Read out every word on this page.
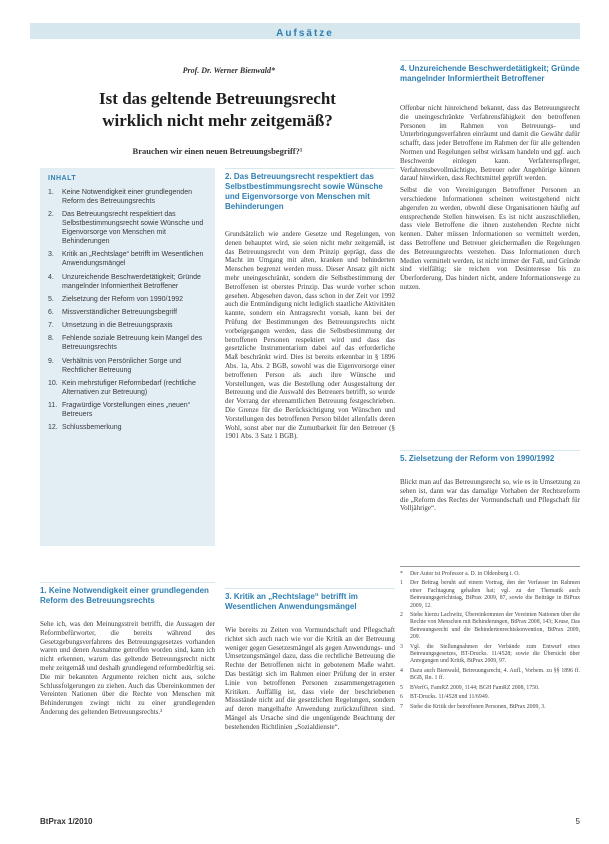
Aufsätze
Prof. Dr. Werner Bienwald*
Ist das geltende Betreuungsrecht
wirklich nicht mehr zeitgemäß?
Brauchen wir einen neuen Betreuungsbegriff?¹
INHALT
1.	Keine Notwendigkeit einer grundlegenden Reform des Betreuungsrechts
2.	Das Betreuungsrecht respektiert das Selbstbestimmungsrecht sowie Wünsche und Eigenvorsorge von Menschen mit Behinderungen
3.	Kritik an „Rechtslage“ betrifft im Wesentlichen Anwendungsmängel
4.	Unzureichende Beschwerdetätigkeit; Gründe mangelnder Informiertheit Betroffener
5.	Zielsetzung der Reform von 1990/1992
6.	Missverständlicher Betreuungsbegriff
7.	Umsetzung in die Betreuungspraxis
8.	Fehlende soziale Betreuung kein Mangel des Betreuungsrechts
9.	Verhältnis von Persönlicher Sorge und Rechtlicher Betreuung
10. Kein mehrstufiger Reformbedarf (rechtliche Alternativen zur Betreuung)
11. Fragwürdige Vorstellungen eines „neuen“ Betreuers
12. Schlussbemerkung
2. Das Betreuungsrecht respektiert das Selbstbestimmungsrecht sowie Wünsche und Eigenvorsorge von Menschen mit Behinderungen

Grundsätzlich wie andere Gesetze und Regelungen, von denen behauptet wird, sie seien nicht mehr zeitgemäß, ist das Betreuungsrecht von dem Prinzip geprägt, dass die Macht im Umgang mit alten, kranken und behinderten Menschen begrenzt werden muss. Dieser Ansatz gilt nicht mehr uneingeschränkt, sondern die Selbstbestimmung der Betroffenen ist oberstes Prinzip. Das wurde vorher schon gesehen. Abgesehen davon, dass schon in der Zeit vor 1992 auch die Entmündigung nicht lediglich staatliche Aktivitäten kannte, sondern ein Antragsrecht vorsah, kann bei der Prüfung der Bestimmungen des Betreuungsrechts nicht vorbeigegangen werden, dass die Selbstbestimmung der betroffenen Personen respektiert wird und dass das gesetzliche Instrumentarium dabei auf das erforderliche Maß beschränkt wird. Dies ist bereits erkennbar in § 1896 Abs. 1a, Abs. 2 BGB, sowohl was die Eigenvorsorge einer betroffenen Person als auch ihre Wünsche und Vorstellungen, was die Bestellung oder Ausgestaltung der Betreuung und die Auswahl des Betreuers betrifft, so wurde der Vorrang der ehrenamtlichen Betreuung festgeschrieben. Die Grenze für die Berücksichtigung von Wünschen und Vorstellungen des betroffenen Person bildet allenfalls deren Wohl, sonst aber nur die Zumutbarkeit für den Betreuer (§ 1901 Abs. 3 Satz 1 BGB).

1. Keine Notwendigkeit einer grundlegenden Reform des Betreuungsrechts

Sehe ich, was den Meinungsstreit betrifft, die Aussagen der Reformbefürworter, die bereits während des Gesetzgebungsverfahrens des Betreuungsgesetzes vorhanden waren und denen Ausnahme getroffen worden sind, kann ich nicht erkennen, warum das geltende Betreuungsrecht nicht mehr zeitgemäß und deshalb grundlegend reformbedürftig sei. Die mir bekannten Argumente reichen nicht aus, solche Schlussfolgerungen zu ziehen. Auch das Übereinkommen der Vereinten Nationen über die Rechte von Menschen mit Behinderungen zwingt nicht zu einer grundlegenden Änderung des geltenden Betreuungsrechts.²

3. Kritik an „Rechtslage“ betrifft im Wesentlichen Anwendungsmängel

Wie bereits zu Zeiten von Vormundschaft und Pflegschaft richtet sich auch nach wie vor die Kritik an der Betreuung weniger gegen Gesetzesmängel als gegen Anwendungs- und Umsetzungsmängel dazu, dass die rechtliche Betreuung die Rechte der Betroffenen nicht in gebotenem Maße wahrt. Das bestätigt sich im Rahmen einer Prüfung der in erster Linie von betroffenen Personen zusammengetragenen Kritiken. Auffällig ist, dass viele der beschriebenen Missstände nicht auf die gesetzlichen Regelungen, sondern auf deren mangelhafte Anwendung zurückzuführen sind. Mängel als Ursache sind die ungenügende Beachtung der bestehenden Richtlinien „Sozialdienste“.

4. Unzureichende Beschwerdetätigkeit; Gründe mangelnder Informiertheit Betroffener

Offenbar nicht hinreichend bekannt, dass das Betreuungsrecht die uneingeschränkte Verfahrensfähigkeit den betroffenen Personen im Rahmen von Betreuungs- und Unterbringungsverfahren einräumt und damit die Gewähr dafür schafft, dass jeder Betroffene im Rahmen der für alle geltenden Normen und Regelungen selbst wirksam handeln und ggf. auch Beschwerde einlegen kann. Verfahrenspfleger, Verfahrensbevollmächtigte, Betreuer oder Angehörige können darauf hinwirken, dass Rechtsmittel geprüft werden.

Selbst die von Vereinigungen Betroffener Personen an verschiedene Informationen scheinen weitestgehend nicht abgerufen zu werden, obwohl diese Organisationen häufig auf entsprechende Stellen hinweisen. Es ist nicht auszuschließen, dass viele Betroffene die ihnen zustehenden Rechte nicht kennen. Daher müssen Informationen so vermittelt werden, dass Betroffene und Betreuer gleichermaßen die Regelungen des Betreuungsrechts verstehen. Dass Informationen durch Medien vermittelt werden, ist nicht immer der Fall, und Gründe sind vielfältig; sie reichen von Desinteresse bis zu Überforderung. Das hindert nicht, andere Informationswege zu nutzen.

5. Zielsetzung der Reform von 1990/1992

Blickt man auf das Betreuungsrecht so, wie es in Umsetzung zu sehen ist, dann war das damalige Vorhaben der Rechtsreform die „Reform des Rechts der Vormundschaft und Pflegschaft für Volljährige“.

*	Der Autor ist Professor a. D. in Oldenburg i. O.
1	Der Beitrag beruht auf einem Vortrag, den der Verfasser im Rahmen einer Fachtagung gehalten hat; vgl. zu der Thematik auch Betreuungsgerichtstag, BtPrax 2009, 87, sowie die Beiträge in BtPrax 2009, 12.
2	Siehe hierzu Lachwitz, Übereinkommen der Vereinten Nationen über die Rechte von Menschen mit Behinderungen, BtPrax 2008, 143; Kruse, Das Betreuungsrecht und die Behindertenrechtskonvention, BtPrax 2009, 209.
3	Vgl. die Stellungnahmen der Verbände zum Entwurf eines Betreuungsgesetzes, BT-Drucks. 11/4528; sowie die Übersicht über Anregungen und Kritik, BtPrax 2009, 97.
4	Dazu auch Bienwald, Betreuungsrecht, 4. Aufl., Vorbem. zu §§ 1896 ff. BGB, Rn. 1 ff.
5	BVerfG, FamRZ 2009, 1144; BGH FamRZ 2008, 1750.
6	BT-Drucks. 11/4528 und 11/6949.
7	Siehe die Kritik der betroffenen Personen, BtPrax 2009, 3.
BtPrax 1/2010	5
